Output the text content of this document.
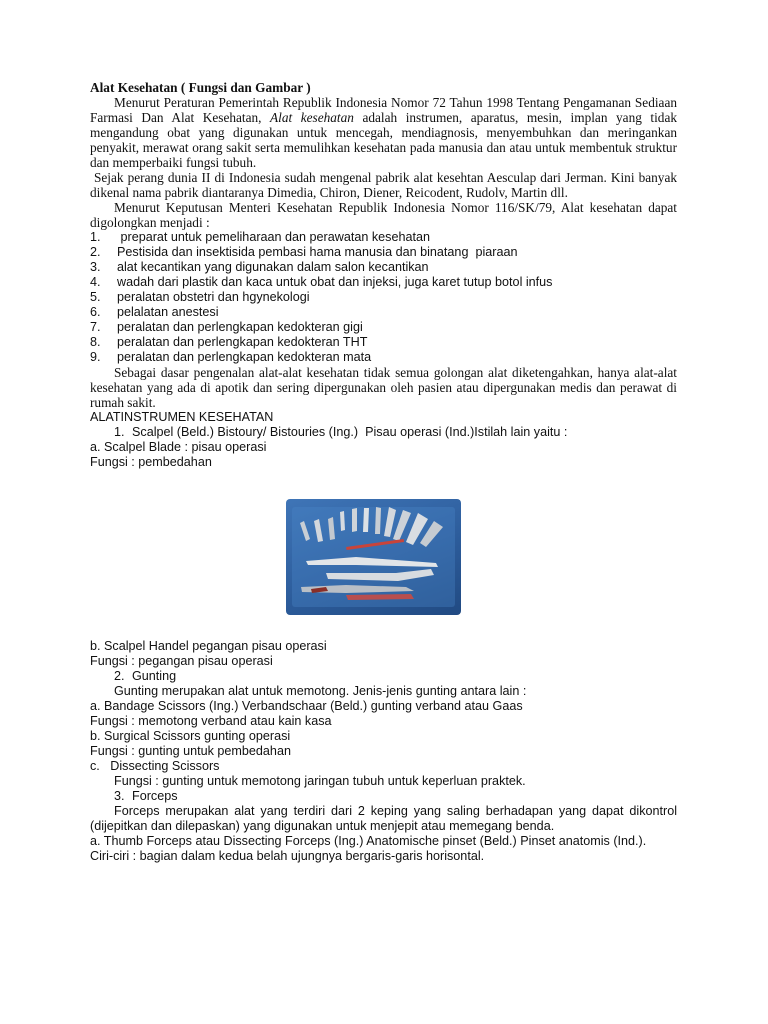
Alat Kesehatan ( Fungsi dan Gambar )

Menurut Peraturan Pemerintah Republik Indonesia Nomor 72 Tahun 1998 Tentang Pengamanan Sediaan Farmasi Dan Alat Kesehatan, Alat kesehatan adalah instrumen, aparatus, mesin, implan yang tidak mengandung obat yang digunakan untuk mencegah, mendiagnosis, menyembuhkan dan meringankan penyakit, merawat orang sakit serta memulihkan kesehatan pada manusia dan atau untuk membentuk struktur dan memperbaiki fungsi tubuh.

Sejak perang dunia II di Indonesia sudah mengenal pabrik alat kesehtan Aesculap dari Jerman. Kini banyak dikenal nama pabrik diantaranya Dimedia, Chiron, Diener, Reicodent, Rudolv, Martin dll.

Menurut Keputusan Menteri Kesehatan Republik Indonesia Nomor 116/SK/79, Alat kesehatan dapat digolongkan menjadi :

1.	preparat untuk pemeliharaan dan perawatan kesehatan
2.	Pestisida dan insektisida pembasi hama manusia dan binatang  piaraan
3.	alat kecantikan yang digunakan dalam salon kecantikan
4.	wadah dari plastik dan kaca untuk obat dan injeksi, juga karet tutup botol infus
5.	peralatan obstetri dan hgynekologi
6.	pelalatan anestesi
7.	peralatan dan perlengkapan kedokteran gigi
8.	peralatan dan perlengkapan kedokteran THT
9.	peralatan dan perlengkapan kedokteran mata

Sebagai dasar pengenalan alat-alat kesehatan tidak semua golongan alat diketengahkan, hanya alat-alat kesehatan yang ada di apotik dan sering dipergunakan oleh pasien atau dipergunakan medis dan perawat di rumah sakit.

ALATINSTRUMEN KESEHATAN

1. Scalpel (Beld.) Bistoury/ Bistouries (Ing.)  Pisau operasi (Ind.)Istilah lain yaitu :

a. Scalpel Blade : pisau operasi

Fungsi : pembedahan

b. Scalpel Handel pegangan pisau operasi

Fungsi : pegangan pisau operasi

2. Gunting

Gunting merupakan alat untuk memotong. Jenis-jenis gunting antara lain :

a. Bandage Scissors (Ing.) Verbandschaar (Beld.) gunting verband atau Gaas

Fungsi : memotong verband atau kain kasa

b. Surgical Scissors gunting operasi

Fungsi : gunting untuk pembedahan

c.   Dissecting Scissors

Fungsi : gunting untuk memotong jaringan tubuh untuk keperluan praktek.

3. Forceps

Forceps merupakan alat yang terdiri dari 2 keping yang saling berhadapan yang dapat dikontrol (dijepitkan dan dilepaskan) yang digunakan untuk menjepit atau memegang benda.

a. Thumb Forceps atau Dissecting Forceps (Ing.) Anatomische pinset (Beld.) Pinset anatomis (Ind.).

Ciri-ciri : bagian dalam kedua belah ujungnya bergaris-garis horisontal.
